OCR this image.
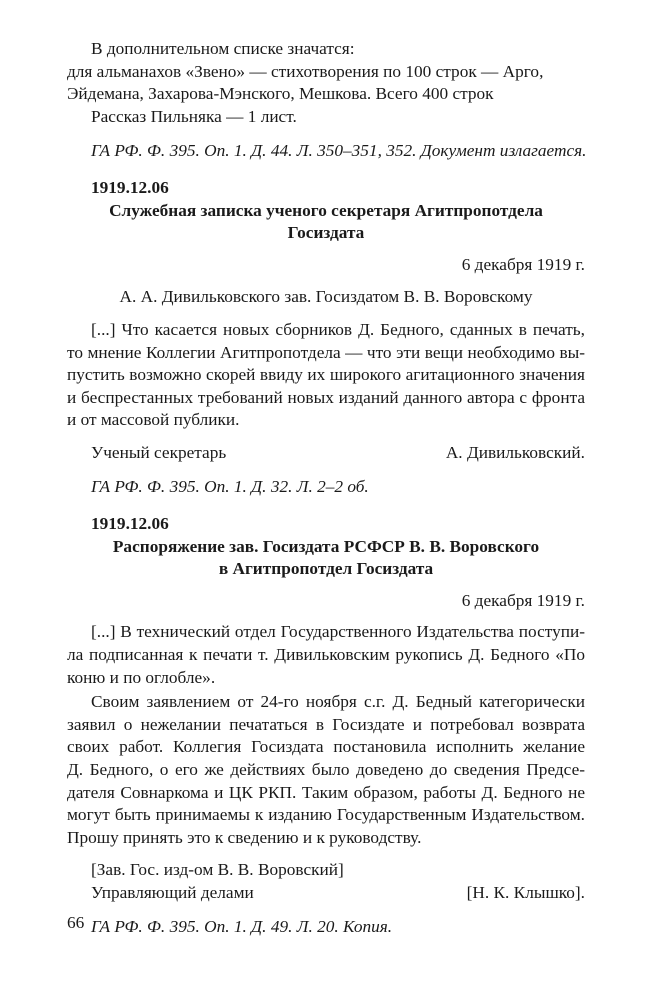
В дополнительном списке значатся:
для альманахов «Звено» — стихотворения по 100 строк — Арго,
Эйдемана, Захарова-Мэнского, Мешкова. Всего 400 строк
Рассказ Пильняка — 1 лист.
ГА РФ. Ф. 395. Оп. 1. Д. 44. Л. 350–351, 352. Документ излагается.
1919.12.06
Служебная записка ученого секретаря Агитпропотдела
Госиздата
6 декабря 1919 г.
А. А. Дивильковского зав. Госиздатом В. В. Воровскому
[...] Что касается новых сборников Д. Бедного, сданных в печать,
то мнение Коллегии Агитпропотдела — что эти вещи необходимо вы-
пустить возможно скорей ввиду их широкого агитационного значения
и беспрестанных требований новых изданий данного автора с фронта
и от массовой публики.
Ученый секретарь	А. Дивильковский.
ГА РФ. Ф. 395. Оп. 1. Д. 32. Л. 2–2 об.
1919.12.06
Распоряжение зав. Госиздата РСФСР В. В. Воровского
в Агитпропотдел Госиздата
6 декабря 1919 г.
[...] В технический отдел Государственного Издательства поступи-
ла подписанная к печати т. Дивильковским рукопись Д. Бедного «По
коню и по оглобле».
Своим заявлением от 24-го ноября с.г. Д. Бедный категорически
заявил о нежелании печататься в Госиздате и потребовал возврата
своих работ. Коллегия Госиздата постановила исполнить желание
Д. Бедного, о его же действиях было доведено до сведения Предсе-
дателя Совнаркома и ЦК РКП. Таким образом, работы Д. Бедного не
могут быть принимаемы к изданию Государственным Издательством.
Прошу принять это к сведению и к руководству.
[Зав. Гос. изд-ом В. В. Воровский]
Управляющий делами	[Н. К. Клышко].
ГА РФ. Ф. 395. Оп. 1. Д. 49. Л. 20. Копия.
66
